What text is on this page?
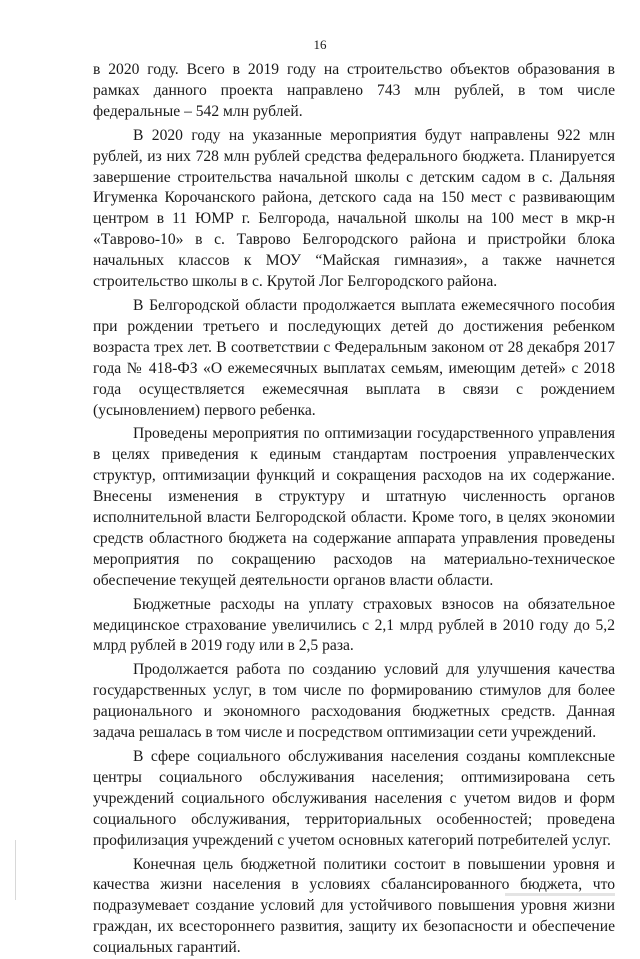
16

в 2020 году. Всего в 2019 году на строительство объектов образования в рамках данного проекта направлено 743 млн рублей, в том числе федеральные – 542 млн рублей.

В 2020 году на указанные мероприятия будут направлены 922 млн рублей, из них 728 млн рублей средства федерального бюджета. Планируется завершение строительства начальной школы с детским садом в с. Дальняя Игуменка Корочанского района, детского сада на 150 мест с развивающим центром в 11 ЮМР г. Белгорода, начальной школы на 100 мест в мкр-н «Таврово-10» в с. Таврово Белгородского района и пристройки блока начальных классов к МОУ “Майская гимназия», а также начнется строительство школы в с. Крутой Лог Белгородского района.

В Белгородской области продолжается выплата ежемесячного пособия при рождении третьего и последующих детей до достижения ребенком возраста трех лет. В соответствии с Федеральным законом от 28 декабря 2017 года № 418-ФЗ «О ежемесячных выплатах семьям, имеющим детей» с 2018 года осуществляется ежемесячная выплата в связи с рождением (усыновлением) первого ребенка.

Проведены мероприятия по оптимизации государственного управления в целях приведения к единым стандартам построения управленческих структур, оптимизации функций и сокращения расходов на их содержание. Внесены изменения в структуру и штатную численность органов исполнительной власти Белгородской области. Кроме того, в целях экономии средств областного бюджета на содержание аппарата управления проведены мероприятия по сокращению расходов на материально-техническое обеспечение текущей деятельности органов власти области.

Бюджетные расходы на уплату страховых взносов на обязательное медицинское страхование увеличились с 2,1 млрд рублей в 2010 году до 5,2 млрд рублей в 2019 году или в 2,5 раза.

Продолжается работа по созданию условий для улучшения качества государственных услуг, в том числе по формированию стимулов для более рационального и экономного расходования бюджетных средств. Данная задача решалась в том числе и посредством оптимизации сети учреждений.

В сфере социального обслуживания населения созданы комплексные центры социального обслуживания населения; оптимизирована сеть учреждений социального обслуживания населения с учетом видов и форм социального обслуживания, территориальных особенностей; проведена профилизация учреждений с учетом основных категорий потребителей услуг.

Конечная цель бюджетной политики состоит в повышении уровня и качества жизни населения в условиях сбалансированного бюджета, что подразумевает создание условий для устойчивого повышения уровня жизни граждан, их всестороннего развития, защиту их безопасности и обеспечение социальных гарантий.
